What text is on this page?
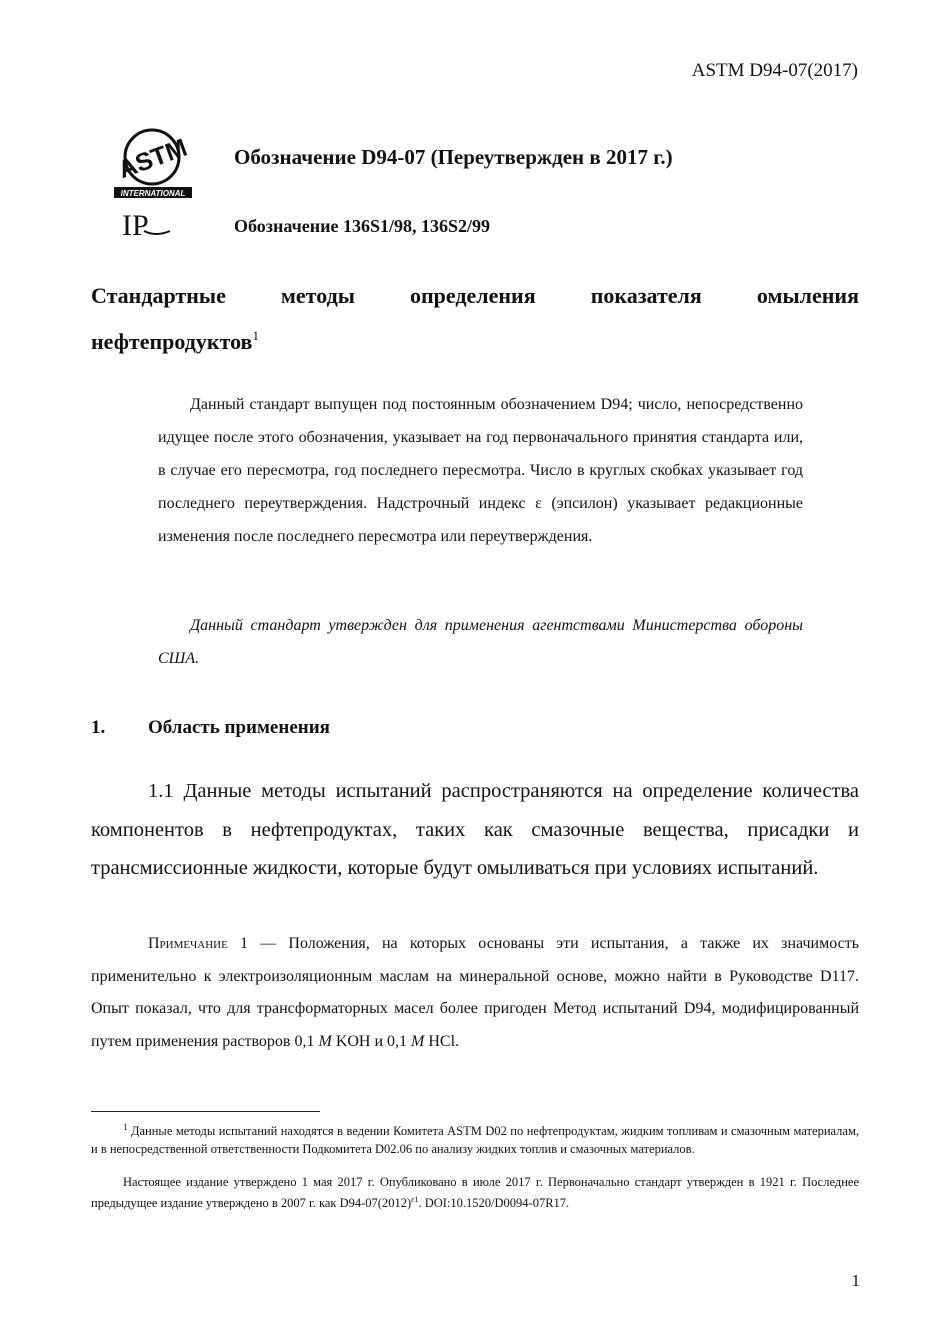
ASTM D94-07(2017)
ASTM
INTERNATIONAL
IP
Обозначение D94-07 (Переутвержден в 2017 г.)
Обозначение 136S1/98, 136S2/99
Стандартные методы определения показателя омыления
нефтепродуктов$^1$

Данный стандарт выпущен под постоянным обозначением D94; число, непосредственно идущее после этого обозначения, указывает на год первоначального принятия стандарта или, в случае его пересмотра, год последнего пересмотра. Число в круглых скобках указывает год последнего переутверждения. Надстрочный индекс ε (эпсилон) указывает редакционные изменения после последнего пересмотра или переутверждения.

Данный стандарт утвержден для применения агентствами Министерства обороны США.

1. Область применения

1.1 Данные методы испытаний распространяются на определение количества компонентов в нефтепродуктах, таких как смазочные вещества, присадки и трансмиссионные жидкости, которые будут омыливаться при условиях испытаний.

Примечание 1 — Положения, на которых основаны эти испытания, а также их значимость применительно к электроизоляционным маслам на минеральной основе, можно найти в Руководстве D117. Опыт показал, что для трансформаторных масел более пригоден Метод испытаний D94, модифицированный путем применения растворов 0,1 M KOH и 0,1 M HCl.

$^1$ Данные методы испытаний находятся в ведении Комитета ASTM D02 по нефтепродуктам, жидким топливам и смазочным материалам, и в непосредственной ответственности Подкомитета D02.06 по анализу жидких топлив и смазочных материалов.

Настоящее издание утверждено 1 мая 2017 г. Опубликовано в июле 2017 г. Первоначально стандарт утвержден в 1921 г. Последнее предыдущее издание утверждено в 2007 г. как $D94-07(2012)^{\varepsilon 1}$. DOI:10.1520/D0094-07R17.

1
